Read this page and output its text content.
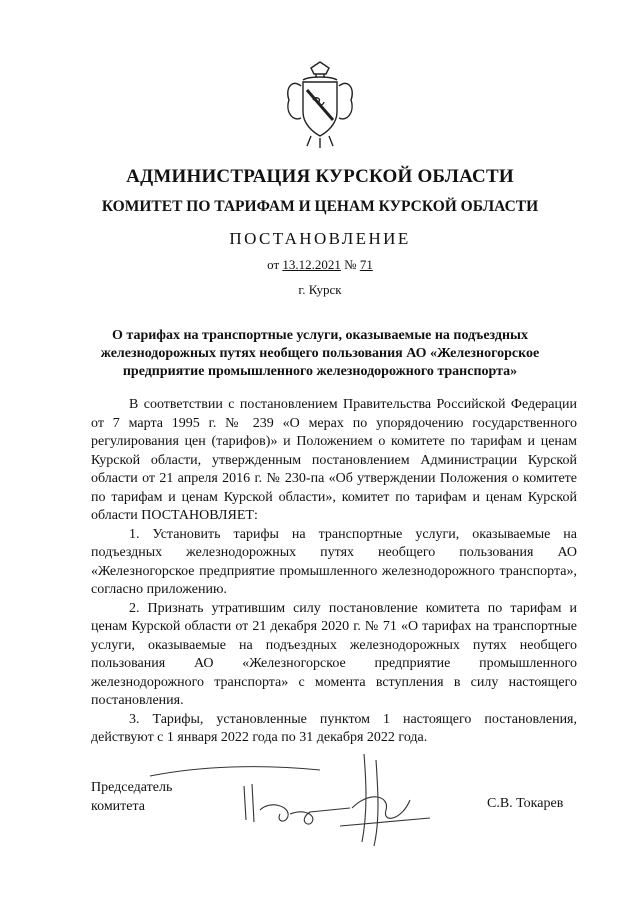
АДМИНИСТРАЦИЯ КУРСКОЙ ОБЛАСТИ
КОМИТЕТ ПО ТАРИФАМ И ЦЕНАМ КУРСКОЙ ОБЛАСТИ
ПОСТАНОВЛЕНИЕ
от 13.12.2021 № 71
г. Курск
О тарифах на транспортные услуги, оказываемые на подъездных
железнодорожных путях необщего пользования АО «Железногорское
предприятие промышленного железнодорожного транспорта»

В соответствии с постановлением Правительства Российской Федерации от 7 марта 1995 г. № 239 «О мерах по упорядочению государственного регулирования цен (тарифов)» и Положением о комитете по тарифам и ценам Курской области, утвержденным постановлением Администрации Курской области от 21 апреля 2016 г. № 230-па «Об утверждении Положения о комитете по тарифам и ценам Курской области», комитет по тарифам и ценам Курской области ПОСТАНОВЛЯЕТ:

1. Установить тарифы на транспортные услуги, оказываемые на подъездных железнодорожных путях необщего пользования АО «Железногорское предприятие промышленного железнодорожного транспорта», согласно приложению.

2. Признать утратившим силу постановление комитета по тарифам и ценам Курской области от 21 декабря 2020 г. № 71 «О тарифах на транспортные услуги, оказываемые на подъездных железнодорожных путях необщего пользования АО «Железногорское предприятие промышленного железнодорожного транспорта» с момента вступления в силу настоящего постановления.

3. Тарифы, установленные пунктом 1 настоящего постановления, действуют с 1 января 2022 года по 31 декабря 2022 года.

Председатель
комитета	С.В. Токарев
